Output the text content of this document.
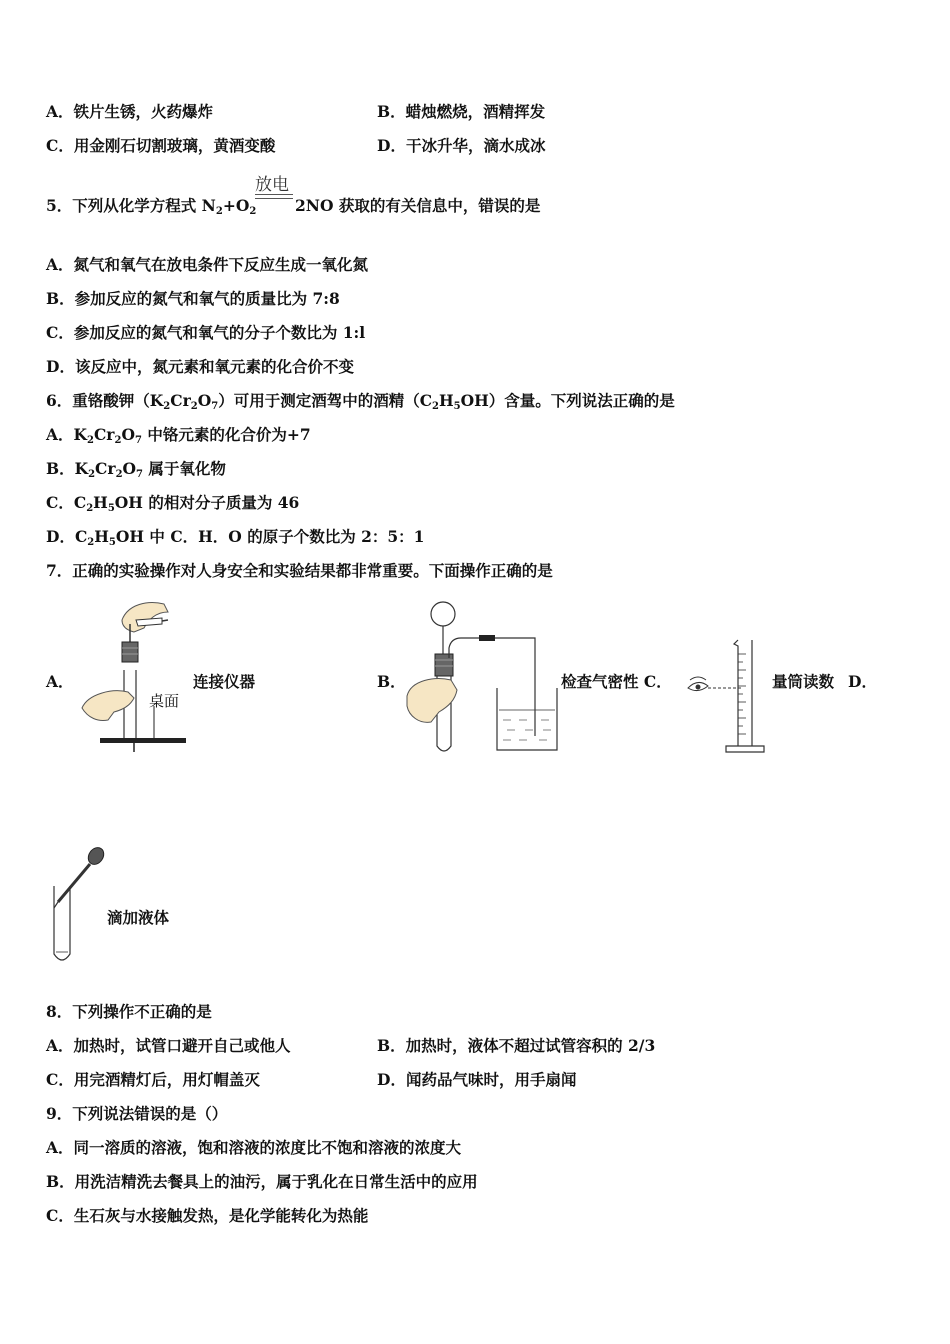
A．铁片生锈，火药爆炸	B．蜡烛燃烧，酒精挥发
C．用金刚石切割玻璃，黄酒变酸	D．干冰升华，滴水成冰
5．下列从化学方程式 $N_2+O_2$
放电
2NO 获取的有关信息中，错误的是
A．氮气和氧气在放电条件下反应生成一氧化氮
B．参加反应的氮气和氧气的质量比为 7:8
C．参加反应的氮气和氧气的分子个数比为 1:l
D．该反应中，氮元素和氧元素的化合价不变
6．重铬酸钾$(K_2Cr_2O_7)$可用于测定酒驾中的酒精$(C_2H_5OH)$含量。下列说法正确的是
A．$K_2Cr_2O_7$ 中铬元素的化合价为+7
B．$K_2Cr_2O_7$ 属于氧化物
C．$C_2H_5OH$ 的相对分子质量为 46
D．$C_2H_5OH$ 中 C．H．O 的原子个数比为 2：5：1
7．正确的实验操作对人身安全和实验结果都非常重要。下面操作正确的是
A．
桌面
连接仪器	B．	检查气密性 C．	量筒读数 D．
滴加液体
8．下列操作不正确的是
A．加热时，试管口避开自己或他人	B．加热时，液体不超过试管容积的 2/3
C．用完酒精灯后，用灯帽盖灭	D．闻药品气味时，用手扇闻
9．下列说法错误的是（）
A．同一溶质的溶液，饱和溶液的浓度比不饱和溶液的浓度大
B．用洗洁精洗去餐具上的油污，属于乳化在日常生活中的应用
C．生石灰与水接触发热，是化学能转化为热能
